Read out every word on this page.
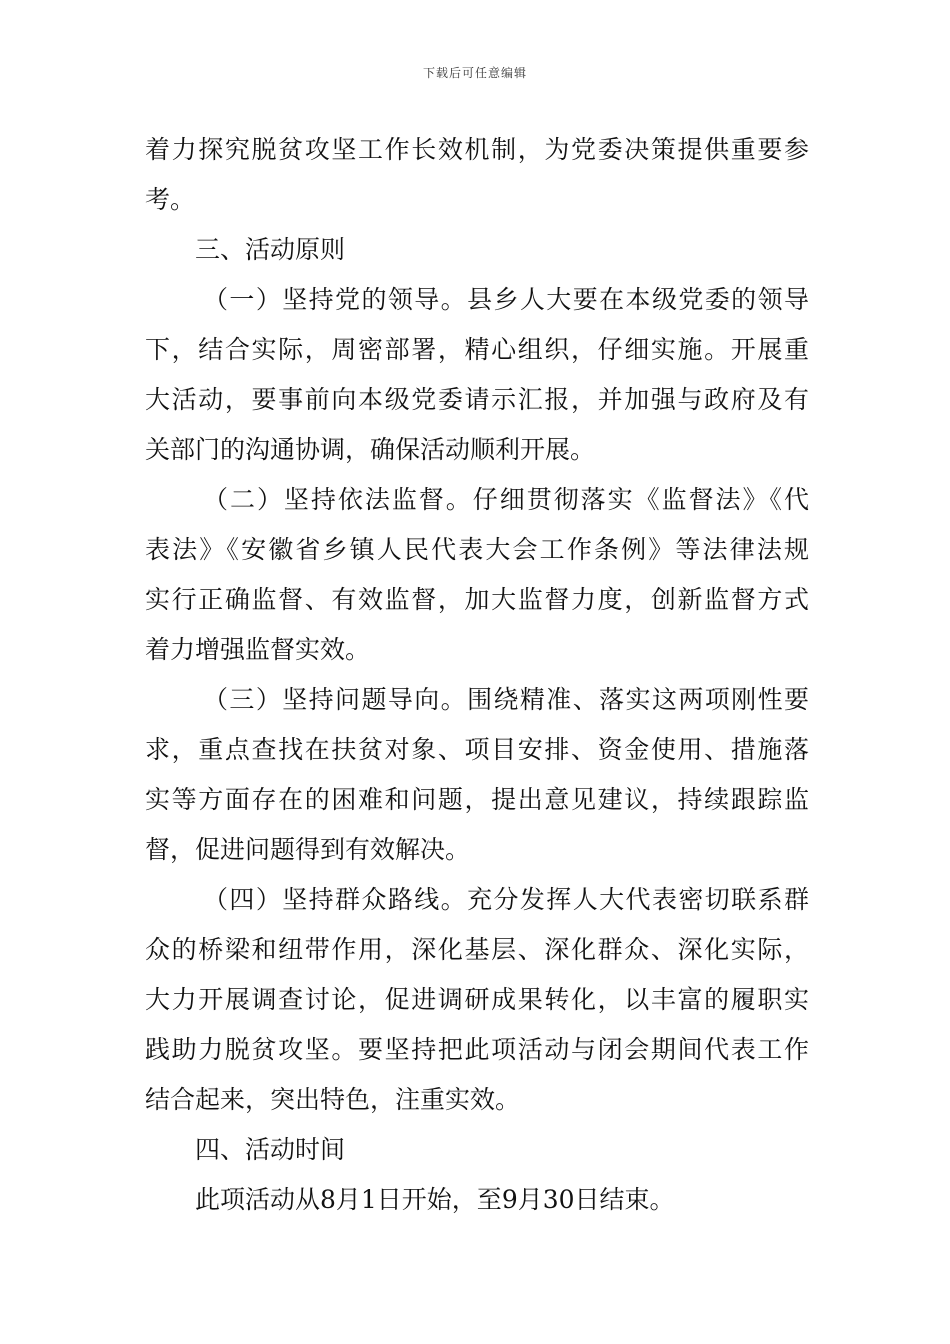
下载后可任意编辑
着力探究脱贫攻坚工作长效机制，为党委决策提供重要参
考。
三、活动原则
（一）坚持党的领导。县乡人大要在本级党委的领导
下，结合实际，周密部署，精心组织，仔细实施。开展重
大活动，要事前向本级党委请示汇报，并加强与政府及有
关部门的沟通协调，确保活动顺利开展。
（二）坚持依法监督。仔细贯彻落实《监督法》《代
表法》《安徽省乡镇人民代表大会工作条例》等法律法规
实行正确监督、有效监督，加大监督力度，创新监督方式
着力增强监督实效。
（三）坚持问题导向。围绕精准、落实这两项刚性要
求，重点查找在扶贫对象、项目安排、资金使用、措施落
实等方面存在的困难和问题，提出意见建议，持续跟踪监
督，促进问题得到有效解决。
（四）坚持群众路线。充分发挥人大代表密切联系群
众的桥梁和纽带作用，深化基层、深化群众、深化实际，
大力开展调查讨论，促进调研成果转化，以丰富的履职实
践助力脱贫攻坚。要坚持把此项活动与闭会期间代表工作
结合起来，突出特色，注重实效。
四、活动时间
此项活动从8月1日开始，至9月30日结束。
